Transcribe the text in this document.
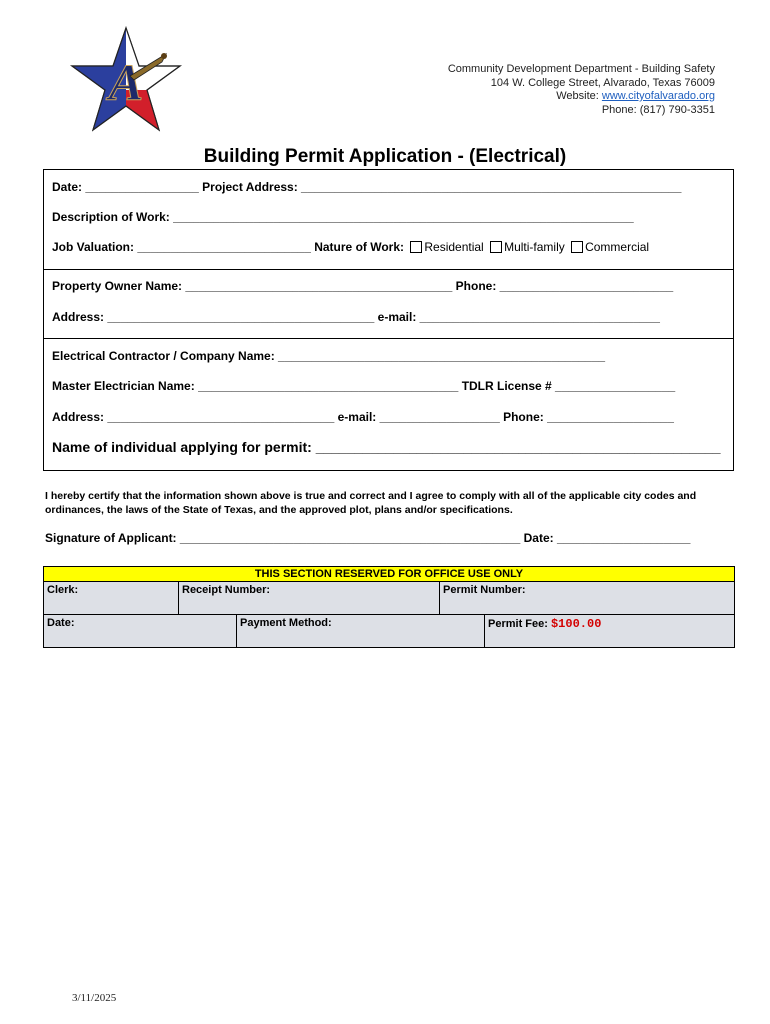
A	Community Development Department - Building Safety
104 W. College Street, Alvarado, Texas 76009
Website: www.cityofalvarado.org
Phone: (817) 790-3351
Building Permit Application - (Electrical)
Date: _________________ Project Address: _________________________________________________________
Description of Work: _____________________________________________________________________
Job Valuation: __________________________ Nature of Work: Residential Multi-family Commercial
Property Owner Name: ________________________________________ Phone: __________________________
Address: ________________________________________ e-mail: ____________________________________
Electrical Contractor / Company Name: _________________________________________________
Master Electrician Name: _______________________________________ TDLR License # __________________
Address: __________________________________ e-mail: __________________ Phone: ___________________
Name of individual applying for permit: ____________________________________________________
I hereby certify that the information shown above is true and correct and I agree to comply with all of the applicable city codes and ordinances, the laws of the State of Texas, and the approved plot, plans and/or specifications.
Signature of Applicant: ___________________________________________________ Date: ____________________
THIS SECTION RESERVED FOR OFFICE USE ONLY
Clerk:	Receipt Number:	Permit Number:
Date:	Payment Method:	Permit Fee: $100.00
3/11/2025
